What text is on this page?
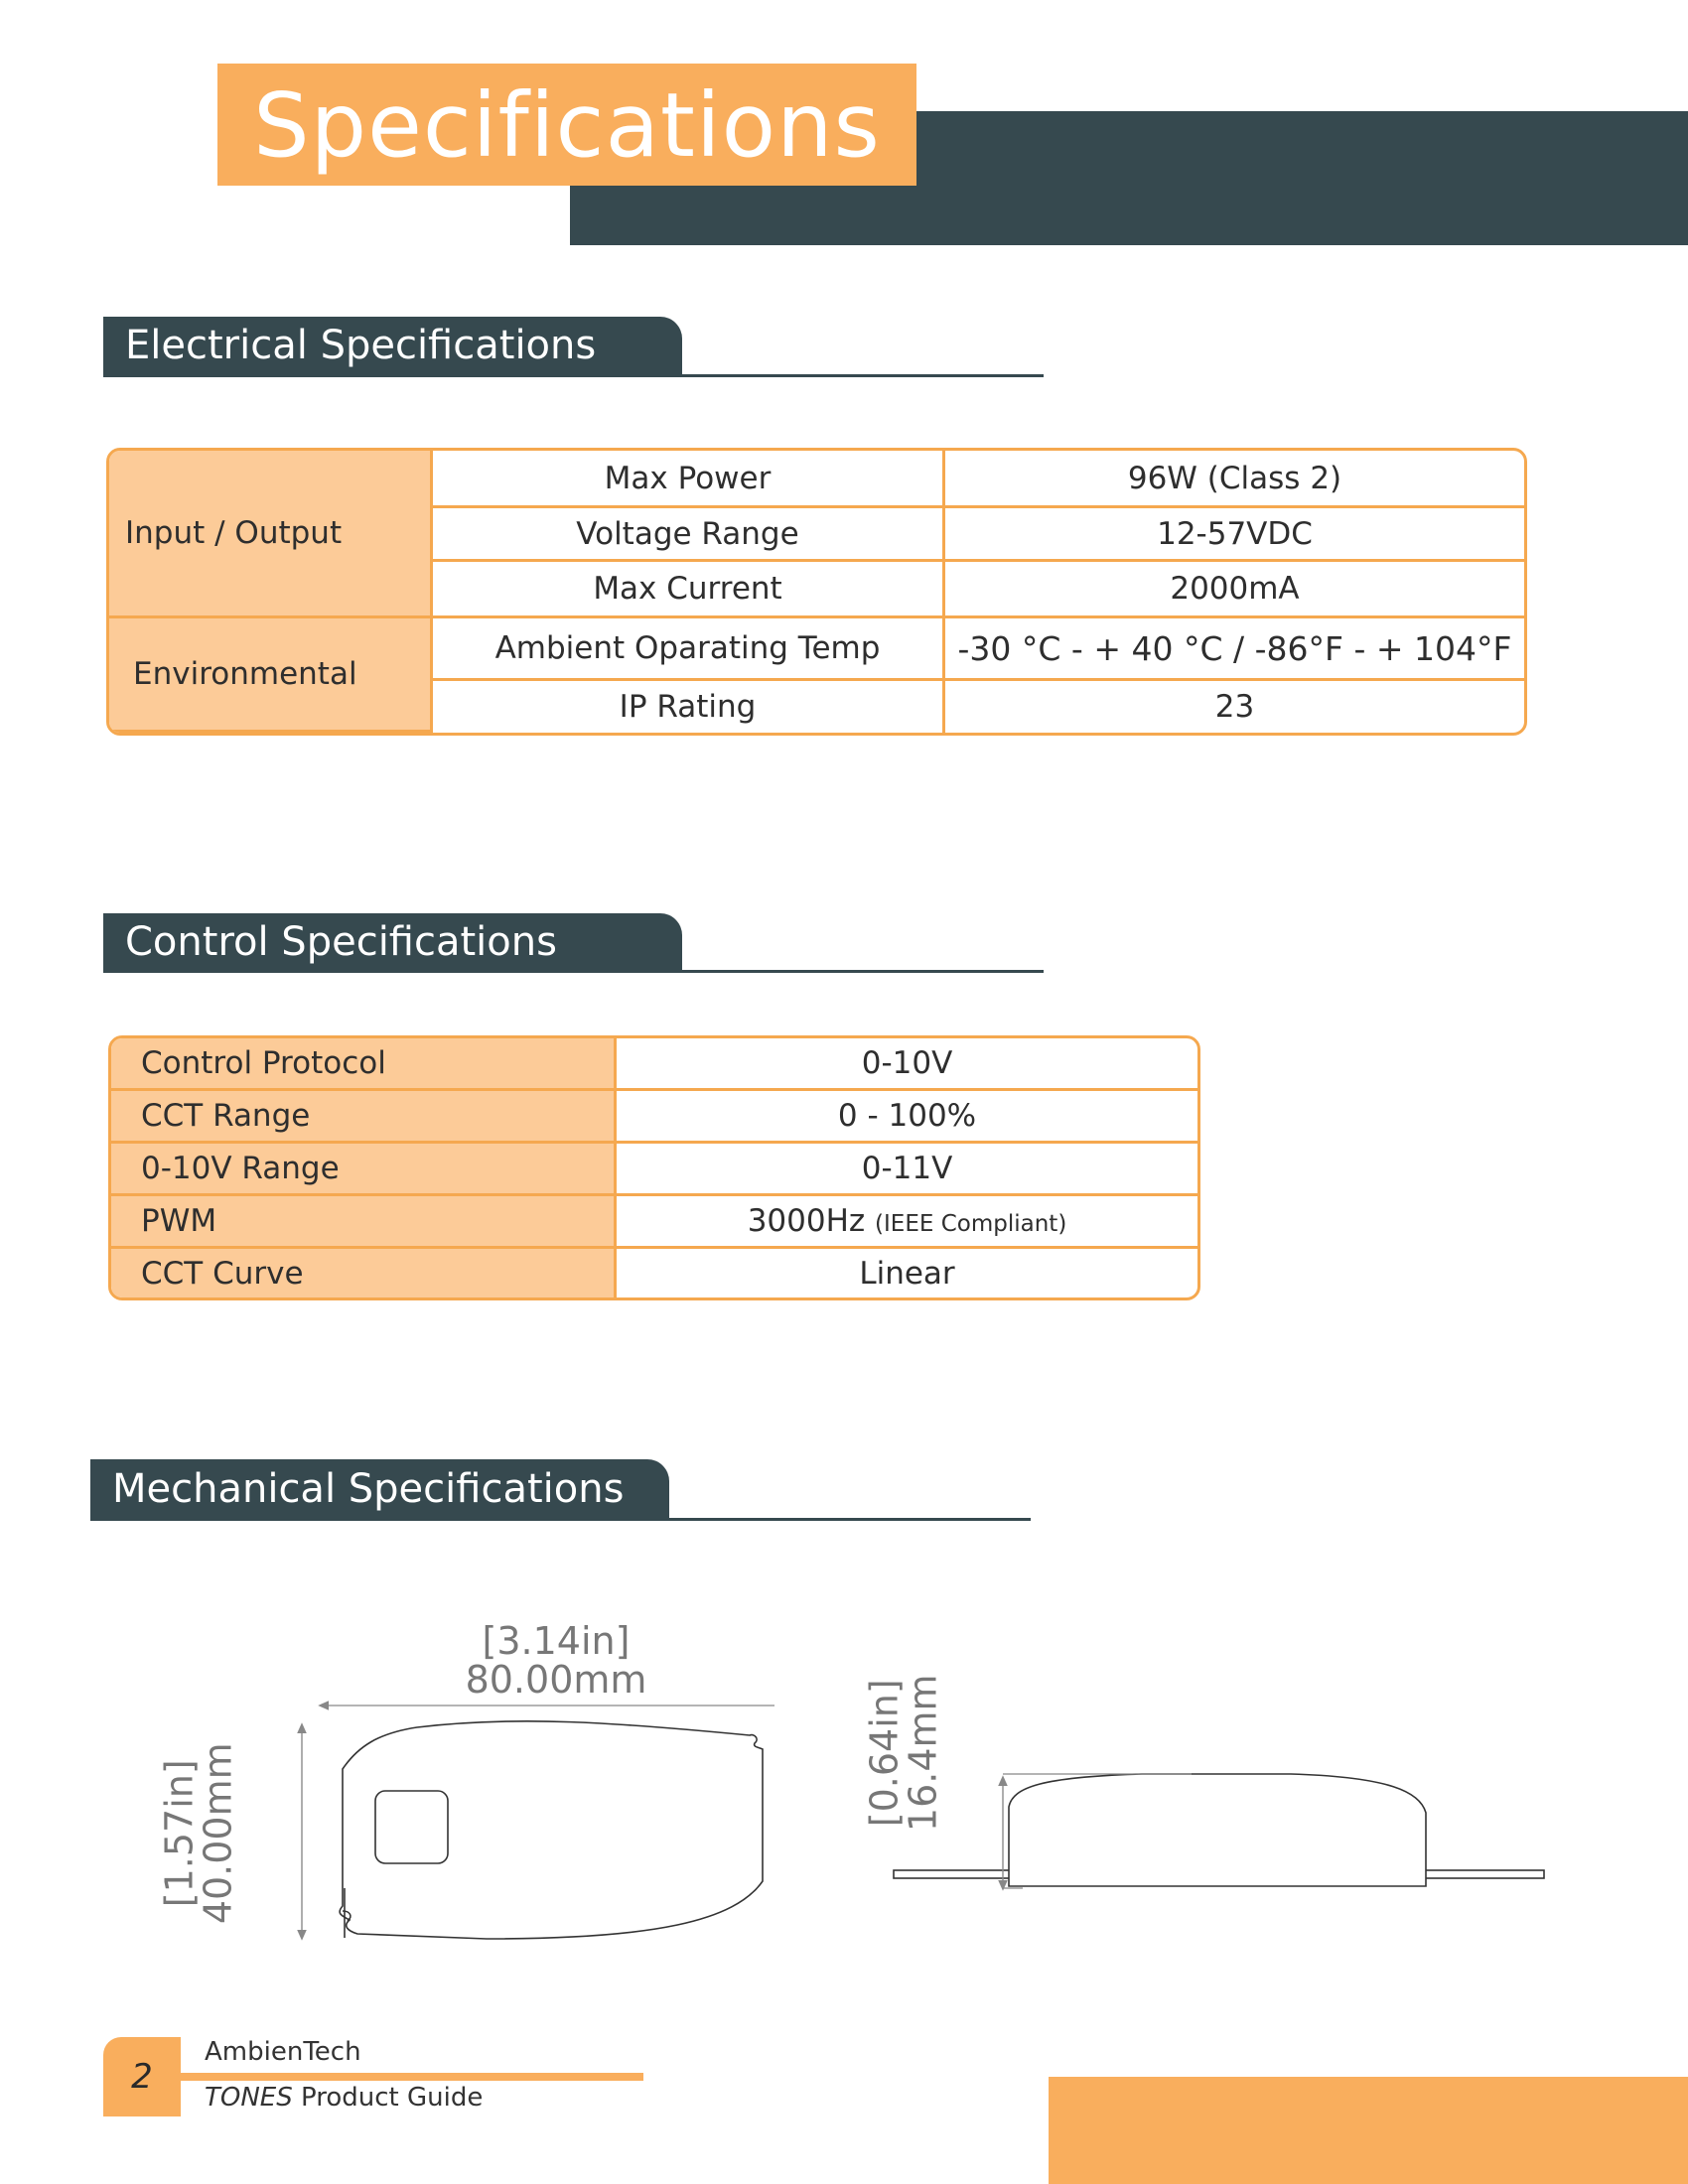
Specifications
Electrical Specifications
Input / Output	Max Power	96W (Class 2)
	Voltage Range	12-57VDC
	Max Current	2000mA
Environmental	Ambient Oparating Temp	-30 °C - + 40 °C / -86°F - + 104°F
	IP Rating	23
Control Specifications
Control Protocol	0-10V
CCT Range	0 - 100%
0-10V Range	0-11V
PWM	3000Hz (IEEE Compliant)
CCT Curve	Linear
Mechanical Specifications
[3.14in]
80.00mm
[1.57in]
40.00mm	[0.64in]
16.4mm
2
AmbienTech
TONES Product Guide
